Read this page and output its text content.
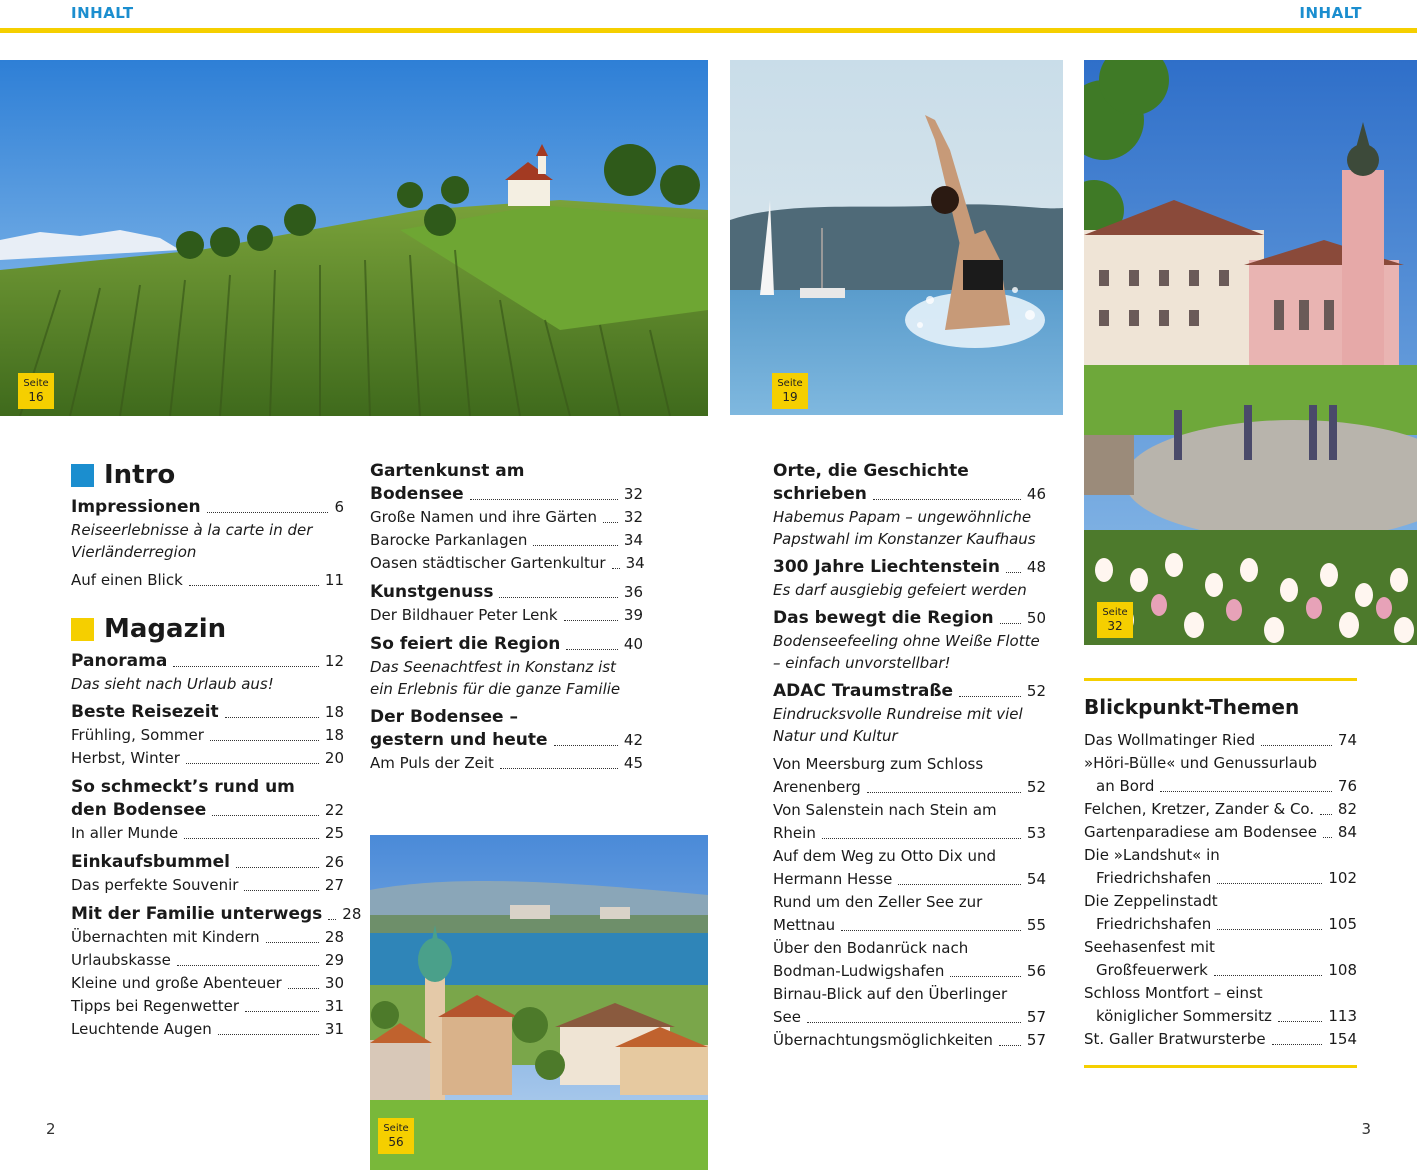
INHALT	INHALT
Seite
16
Seite
19
Seite
32
Seite
56
Intro
Impressionen	6
Reiseerlebnisse à la carte in der Vierländerregion
Auf einen Blick	11
Magazin
Panorama	12
Das sieht nach Urlaub aus!
Beste Reisezeit	18
Frühling, Sommer	18
Herbst, Winter	20
So schmeckt’s rund um
den Bodensee	22
In aller Munde	25
Einkaufsbummel	26
Das perfekte Souvenir	27
Mit der Familie unterwegs 28
Übernachten mit Kindern	28
Urlaubskasse	29
Kleine und große Abenteuer	30
Tipps bei Regenwetter	31
Leuchtende Augen	31
Gartenkunst am
Bodensee	32
Große Namen und ihre Gärten 32
Barocke Parkanlagen	34
Oasen städtischer Gartenkultur 34
Kunstgenuss	36
Der Bildhauer Peter Lenk	39
So feiert die Region	40
Das Seenachtfest in Konstanz ist ein Erlebnis für die ganze Familie
Der Bodensee –
gestern und heute	42
Am Puls der Zeit	45
Orte, die Geschichte
schrieben	46
Habemus Papam – ungewöhnliche Papstwahl im Konstanzer Kaufhaus
300 Jahre Liechtenstein 48
Es darf ausgiebig gefeiert werden
Das bewegt die Region 50
Bodenseefeeling ohne Weiße Flotte – einfach unvorstellbar!
ADAC Traumstraße	52
Eindrucksvolle Rundreise mit viel Natur und Kultur
Von Meersburg zum Schloss
Arenenberg	52
Von Salenstein nach Stein am
Rhein	53
Auf dem Weg zu Otto Dix und
Hermann Hesse	54
Rund um den Zeller See zur
Mettnau	55
Über den Bodanrück nach
Bodman-Ludwigshafen	56
Birnau-Blick auf den Überlinger
See	57
Übernachtungsmöglichkeiten 57
Blickpunkt-Themen
Das Wollmatinger Ried	74
»Höri-Bülle« und Genussurlaub
an Bord	76
Felchen, Kretzer, Zander & Co. 82
Gartenparadiese am Bodensee 84
Die »Landshut« in
Friedrichshafen	102
Die Zeppelinstadt
Friedrichshafen	105
Seehasenfest mit
Großfeuerwerk	108
Schloss Montfort – einst
königlicher Sommersitz	113
St. Galler Bratwursterbe	154
2	3
